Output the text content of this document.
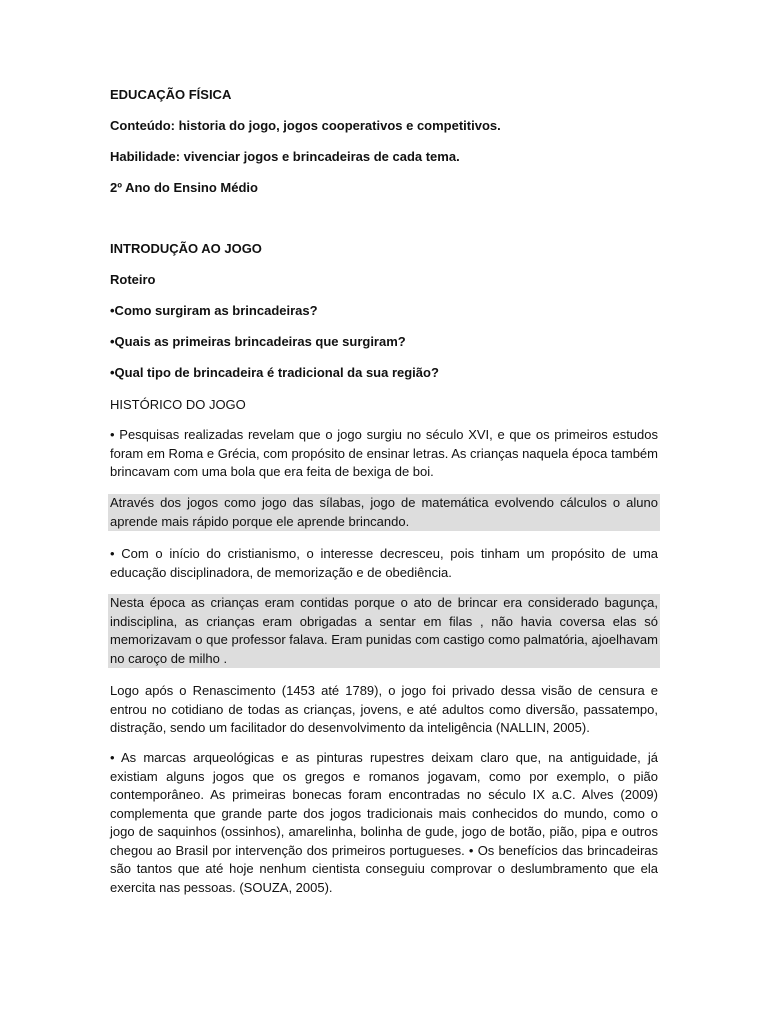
EDUCAÇÃO FÍSICA
Conteúdo: historia do jogo, jogos cooperativos e competitivos.
Habilidade: vivenciar jogos e brincadeiras de cada tema.
2º Ano do Ensino Médio
INTRODUÇÃO AO JOGO
Roteiro
•Como surgiram as brincadeiras?
•Quais as primeiras brincadeiras que surgiram?
•Qual tipo de brincadeira é tradicional da sua região?
HISTÓRICO DO JOGO
• Pesquisas realizadas revelam que o jogo surgiu no século XVI, e que os primeiros estudos foram em Roma e Grécia, com propósito de ensinar letras. As crianças naquela época também brincavam com uma bola que era feita de bexiga de boi.
Através dos jogos como jogo das sílabas, jogo de matemática evolvendo cálculos o aluno aprende mais rápido porque ele aprende brincando.
• Com o início do cristianismo, o interesse decresceu, pois tinham um propósito de uma educação disciplinadora, de memorização e de obediência.
Nesta época as crianças eram contidas porque o ato de brincar era considerado bagunça, indisciplina, as crianças eram obrigadas a sentar em filas , não havia coversa elas só memorizavam o que professor falava. Eram punidas com castigo como palmatória, ajoelhavam no caroço de milho .
Logo após o Renascimento (1453 até 1789), o jogo foi privado dessa visão de censura e entrou no cotidiano de todas as crianças, jovens, e até adultos como diversão, passatempo, distração, sendo um facilitador do desenvolvimento da inteligência (NALLIN, 2005).
• As marcas arqueológicas e as pinturas rupestres deixam claro que, na antiguidade, já existiam alguns jogos que os gregos e romanos jogavam, como por exemplo, o pião contemporâneo. As primeiras bonecas foram encontradas no século IX a.C. Alves (2009) complementa que grande parte dos jogos tradicionais mais conhecidos do mundo, como o jogo de saquinhos (ossinhos), amarelinha, bolinha de gude, jogo de botão, pião, pipa e outros chegou ao Brasil por intervenção dos primeiros portugueses. • Os benefícios das brincadeiras são tantos que até hoje nenhum cientista conseguiu comprovar o deslumbramento que ela exercita nas pessoas. (SOUZA, 2005).
